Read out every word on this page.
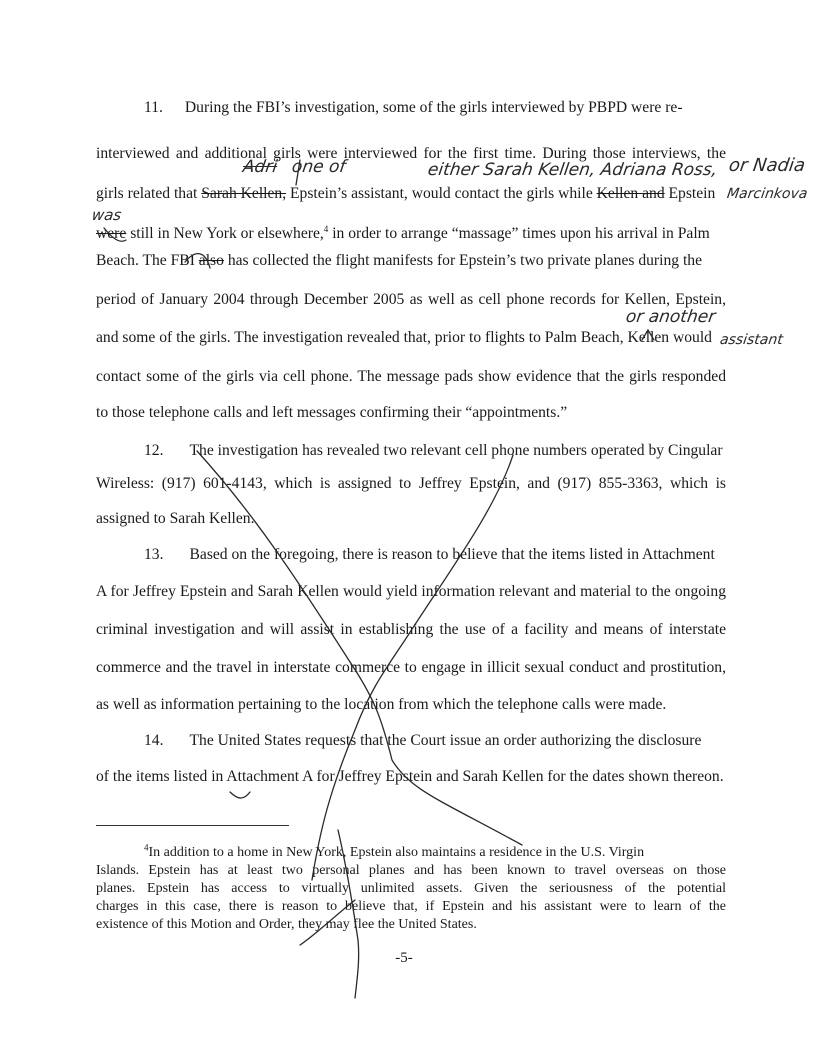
11. During the FBI’s investigation, some of the girls interviewed by PBPD were re-
interviewed and additional girls were interviewed for the first time. During those interviews, the
girls related that Sarah Kellen, Epstein’s assistant, would contact the girls while Kellen and Epstein
were still in New York or elsewhere,$^4$ in order to arrange “massage” times upon his arrival in Palm
Beach. The FBI also has collected the flight manifests for Epstein’s two private planes during the
period of January 2004 through December 2005 as well as cell phone records for Kellen, Epstein,
and some of the girls. The investigation revealed that, prior to flights to Palm Beach, Kellen would
contact some of the girls via cell phone. The message pads show evidence that the girls responded
to those telephone calls and left messages confirming their “appointments.”
Adri one of	either Sarah Kellen, Adriana Ross, or Nadia
Marcinkova
was
or another
assistant
12. The investigation has revealed two relevant cell phone numbers operated by Cingular
Wireless: (917) 601-4143, which is assigned to Jeffrey Epstein, and (917) 855-3363, which is
assigned to Sarah Kellen.
13. Based on the foregoing, there is reason to believe that the items listed in Attachment
A for Jeffrey Epstein and Sarah Kellen would yield information relevant and material to the ongoing
criminal investigation and will assist in establishing the use of a facility and means of interstate
commerce and the travel in interstate commerce to engage in illicit sexual conduct and prostitution,
as well as information pertaining to the location from which the telephone calls were made.
14. The United States requests that the Court issue an order authorizing the disclosure
of the items listed in Attachment A for Jeffrey Epstein and Sarah Kellen for the dates shown thereon.
$^4$In addition to a home in New York, Epstein also maintains a residence in the U.S. Virgin
Islands. Epstein has at least two personal planes and has been known to travel overseas on those
planes. Epstein has access to virtually unlimited assets. Given the seriousness of the potential
charges in this case, there is reason to believe that, if Epstein and his assistant were to learn of the
existence of this Motion and Order, they may flee the United States.
-5-
